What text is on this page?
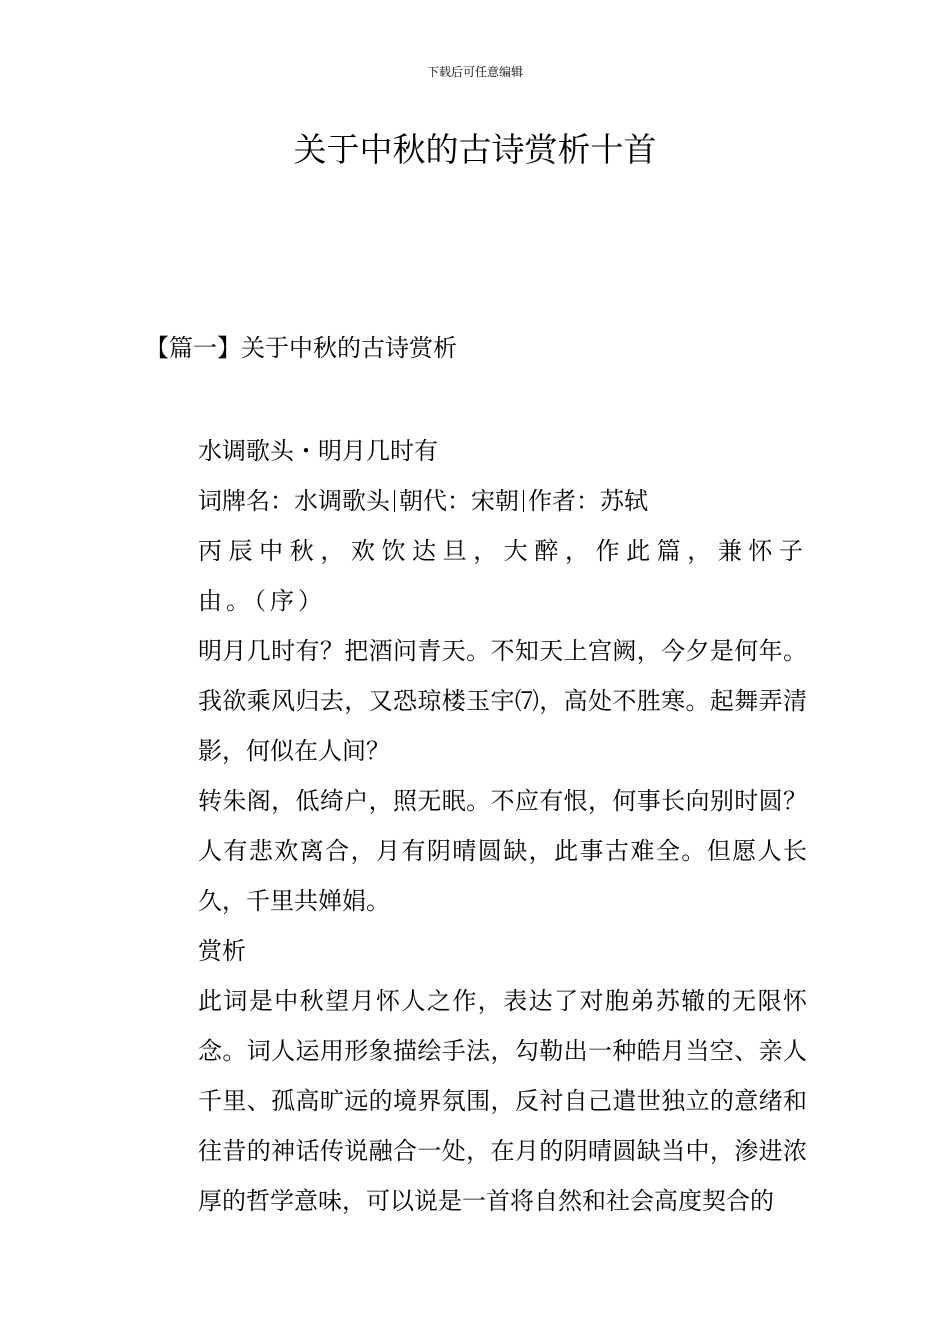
下载后可任意编辑
关于中秋的古诗赏析十首
【篇一】关于中秋的古诗赏析

水调歌头・明月几时有

词牌名：水调歌头 朝代：宋朝 作者：苏轼

丙辰中秋，欢饮达旦，大醉，作此篇，兼怀子由。（序）

明月几时有？把酒问青天。不知天上宫阙，今夕是何年。我欲乘风归去，又恐琼楼玉宇⑺，高处不胜寒。起舞弄清影，何似在人间？

转朱阁，低绮户，照无眠。不应有恨，何事长向别时圆？人有悲欢离合，月有阴晴圆缺，此事古难全。但愿人长久，千里共婵娟。

赏析

此词是中秋望月怀人之作，表达了对胞弟苏辙的无限怀念。词人运用形象描绘手法，勾勒出一种皓月当空、亲人千里、孤高旷远的境界氛围，反衬自己遣世独立的意绪和往昔的神话传说融合一处，在月的阴晴圆缺当中，渗进浓厚的哲学意味，可以说是一首将自然和社会高度契合的
